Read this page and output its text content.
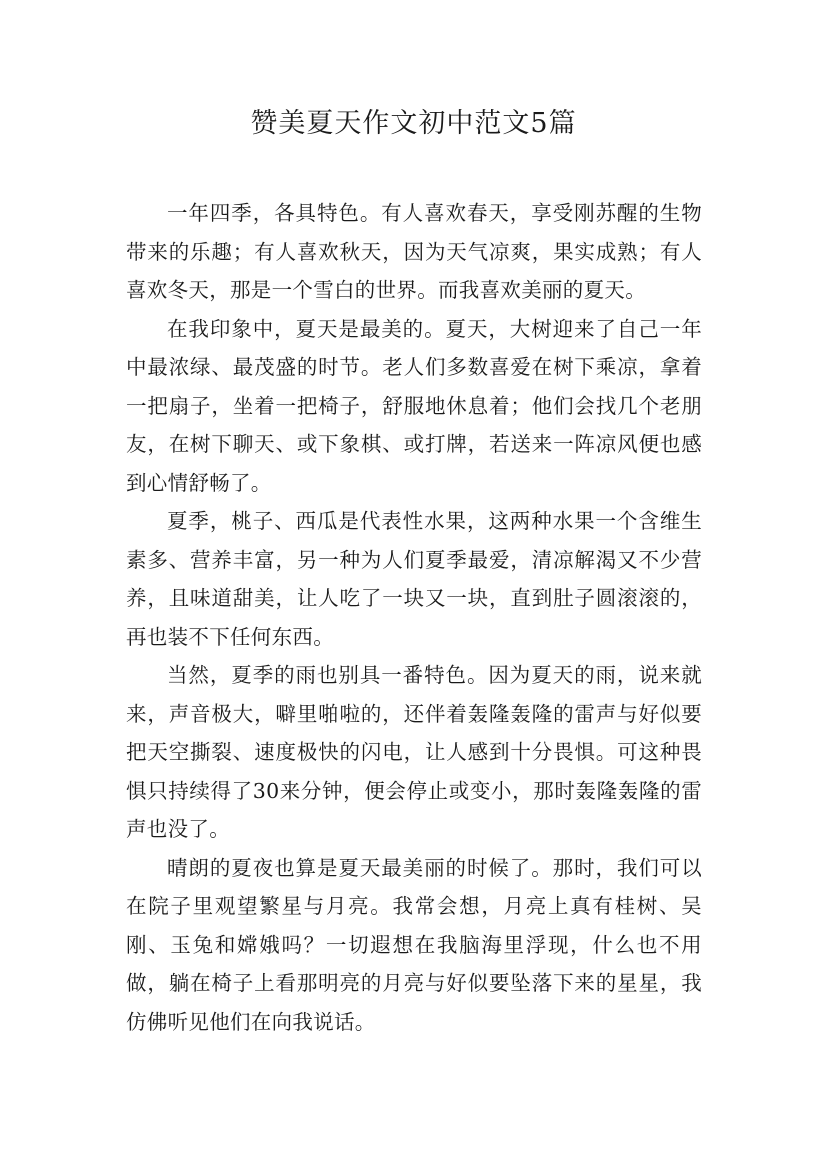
赞美夏天作文初中范文5篇

一年四季，各具特色。有人喜欢春天，享受刚苏醒的生物带来的乐趣；有人喜欢秋天，因为天气凉爽，果实成熟；有人喜欢冬天，那是一个雪白的世界。而我喜欢美丽的夏天。

在我印象中，夏天是最美的。夏天，大树迎来了自己一年中最浓绿、最茂盛的时节。老人们多数喜爱在树下乘凉，拿着一把扇子，坐着一把椅子，舒服地休息着；他们会找几个老朋友，在树下聊天、或下象棋、或打牌，若送来一阵凉风便也感到心情舒畅了。

夏季，桃子、西瓜是代表性水果，这两种水果一个含维生素多、营养丰富，另一种为人们夏季最爱，清凉解渴又不少营养，且味道甜美，让人吃了一块又一块，直到肚子圆滚滚的，再也装不下任何东西。

当然，夏季的雨也别具一番特色。因为夏天的雨，说来就来，声音极大，噼里啪啦的，还伴着轰隆轰隆的雷声与好似要把天空撕裂、速度极快的闪电，让人感到十分畏惧。可这种畏惧只持续得了30来分钟，便会停止或变小，那时轰隆轰隆的雷声也没了。

晴朗的夏夜也算是夏天最美丽的时候了。那时，我们可以在院子里观望繁星与月亮。我常会想，月亮上真有桂树、吴刚、玉兔和嫦娥吗？一切遐想在我脑海里浮现，什么也不用做，躺在椅子上看那明亮的月亮与好似要坠落下来的星星，我仿佛听见他们在向我说话。
